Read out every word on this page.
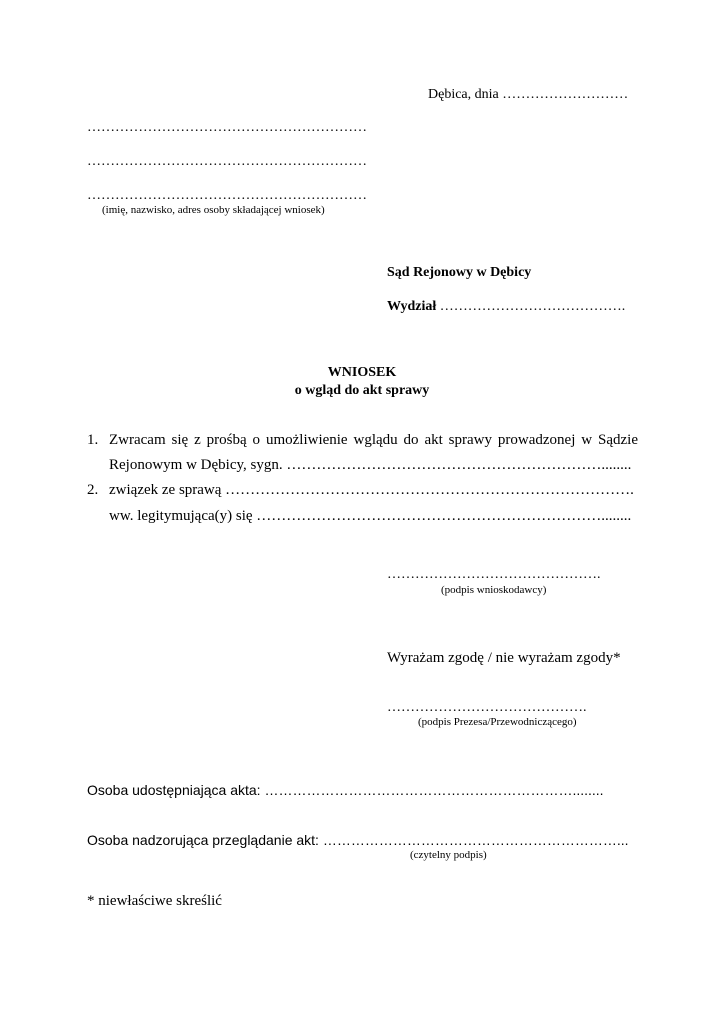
Dębica, dnia ………………………
……………………………………………………
……………………………………………………
……………………………………………………
(imię, nazwisko, adres osoby składającej wniosek)
Sąd Rejonowy w Dębicy
Wydział ………………………………….
WNIOSEK
o wgląd do akt sprawy
1. Zwracam się z prośbą o umożliwienie wglądu do akt sprawy prowadzonej w Sądzie
Rejonowym w Dębicy, sygn. ………………………………………………………........
2. związek ze sprawą ……………………………………………………………………….
ww. legitymująca(y) się ……………………………………………………………........
……………………………………….
(podpis wnioskodawcy)
Wyrażam zgodę / nie wyrażam zgody*
…………………………………….
(podpis Prezesa/Przewodniczącego)
Osoba udostępniająca akta: …………………………………………………………........
Osoba nadzorująca przeglądanie akt: ………………………………………………………...
(czytelny podpis)
* niewłaściwe skreślić
